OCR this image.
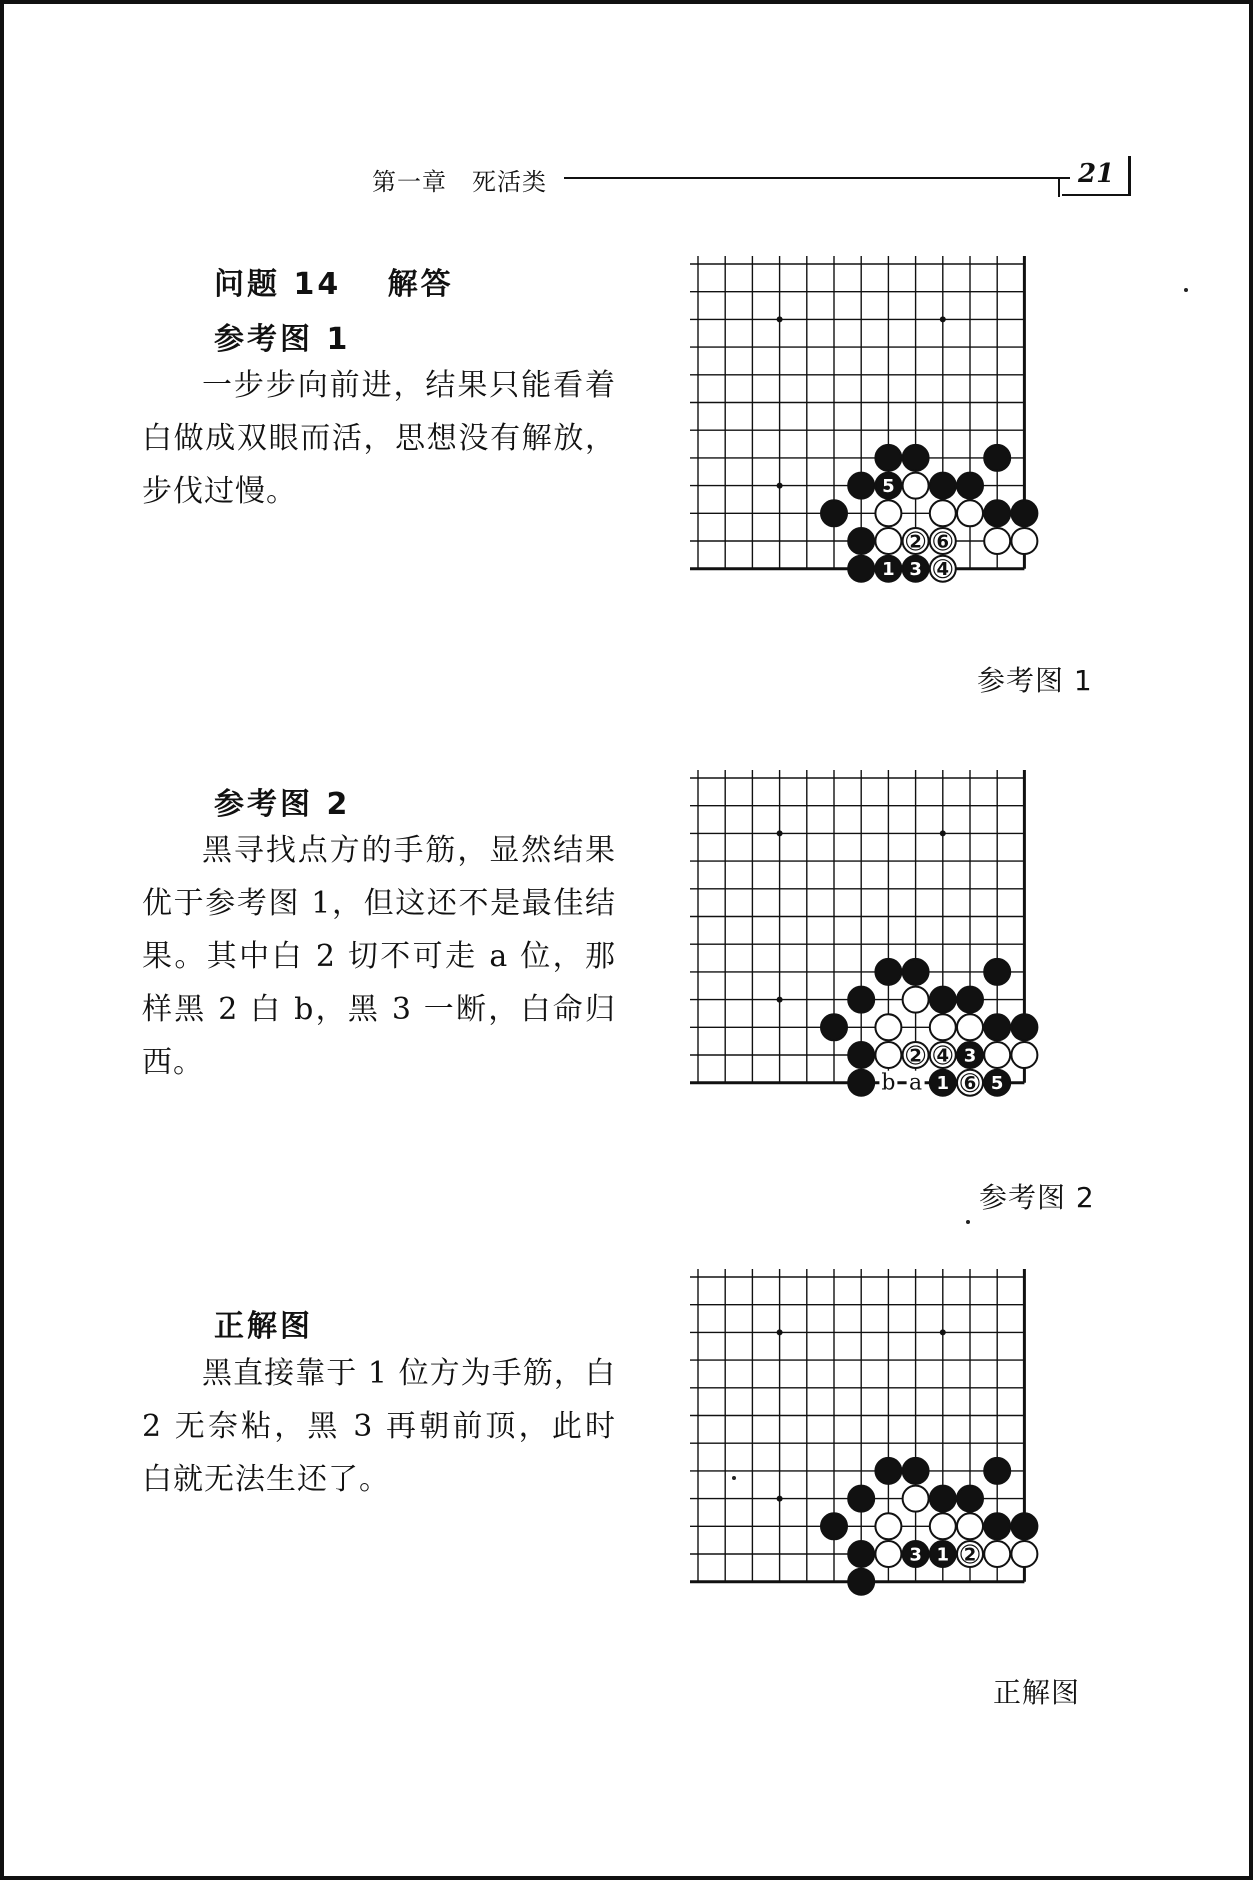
第一章　死活类	21
问题 14　 解答
参考图 1
一步步向前进，结果只能看着白做成双眼而活，思想没有解放，步伐过慢。	5
2 6
1 3 4
参考图 1
参考图 2
黑寻找点方的手筋，显然结果优于参考图 1，但这还不是最佳结果。其中白 2 切不可走 a 位，那样黑 2 白 b，黑 3 一断，白命归西。	2 4 3
1 6 5
b a
参考图 2
正解图
黑直接靠于 1 位方为手筋，白 2 无奈粘，黑 3 再朝前顶，此时白就无法生还了。
3 1 2
正解图
